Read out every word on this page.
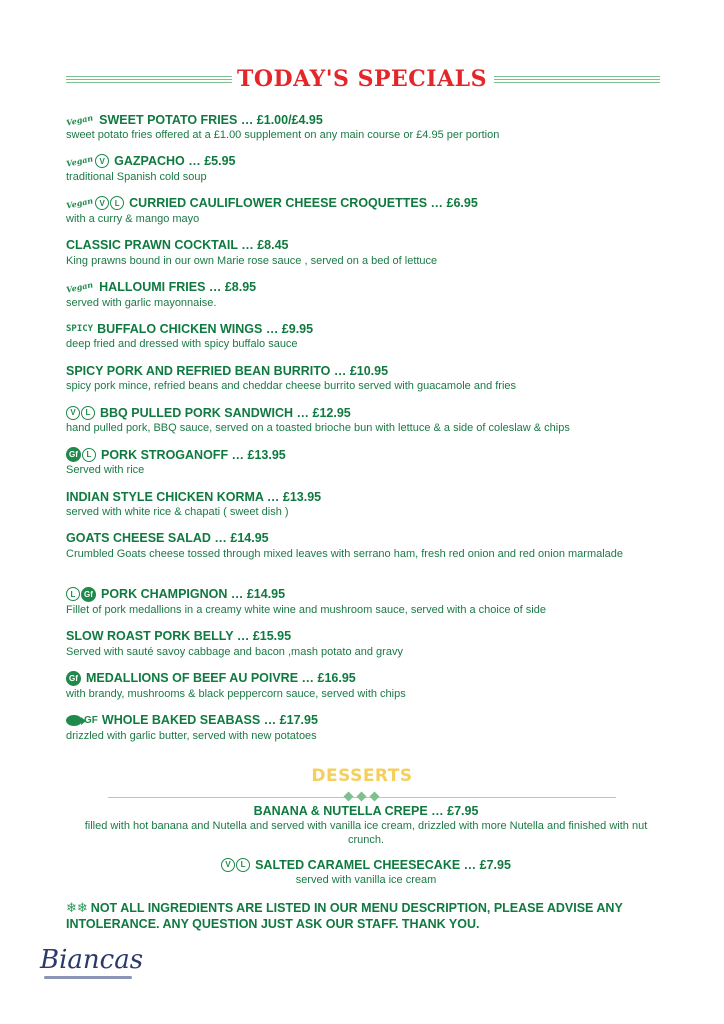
TODAY'S SPECIALS
Vegan SWEET POTATO FRIES … £1.00/£4.95
sweet potato fries offered at a £1.00 supplement on any main course or £4.95 per portion
Vegan V GAZPACHO … £5.95
traditional Spanish cold soup
Vegan V	L CURRIED CAULIFLOWER CHEESE CROQUETTES … £6.95
with a curry & mango mayo
CLASSIC PRAWN COCKTAIL … £8.45
King prawns bound in our own Marie rose sauce , served on a bed of lettuce
Vegan HALLOUMI FRIES … £8.95
served with garlic mayonnaise.
SPICY BUFFALO CHICKEN WINGS … £9.95
deep fried and dressed with spicy buffalo sauce
SPICY PORK AND REFRIED BEAN BURRITO … £10.95
spicy pork mince, refried beans and cheddar cheese burrito served with guacamole and fries
V	L BBQ PULLED PORK SANDWICH … £12.95
hand pulled pork, BBQ sauce, served on a toasted brioche bun with lettuce & a side of coleslaw & chips
Gf	L PORK STROGANOFF … £13.95
Served with rice
INDIAN STYLE CHICKEN KORMA … £13.95
served with white rice & chapati ( sweet dish )
GOATS CHEESE SALAD … £14.95
Crumbled Goats cheese tossed through mixed leaves with serrano ham, fresh red onion and red onion marmalade
L	Gf PORK CHAMPIGNON … £14.95
Fillet of pork medallions in a creamy white wine and mushroom sauce, served with a choice of side
SLOW ROAST PORK BELLY … £15.95
Served with sauté savoy cabbage and bacon ,mash potato and gravy
Gf MEDALLIONS OF BEEF AU POIVRE … £16.95
with brandy, mushrooms & black peppercorn sauce, served with chips
GF WHOLE BAKED SEABASS … £17.95
drizzled with garlic butter, served with new potatoes
DESSERTS
BANANA & NUTELLA CREPE … £7.95
filled with hot banana and Nutella and served with vanilla ice cream, drizzled with more Nutella and finished with nut crunch.
V	L SALTED CARAMEL CHEESECAKE … £7.95
served with vanilla ice cream
❄❄ NOT ALL INGREDIENTS ARE LISTED IN OUR MENU DESCRIPTION, PLEASE ADVISE ANY INTOLERANCE. ANY QUESTION JUST ASK OUR STAFF. THANK YOU.
Biancas
